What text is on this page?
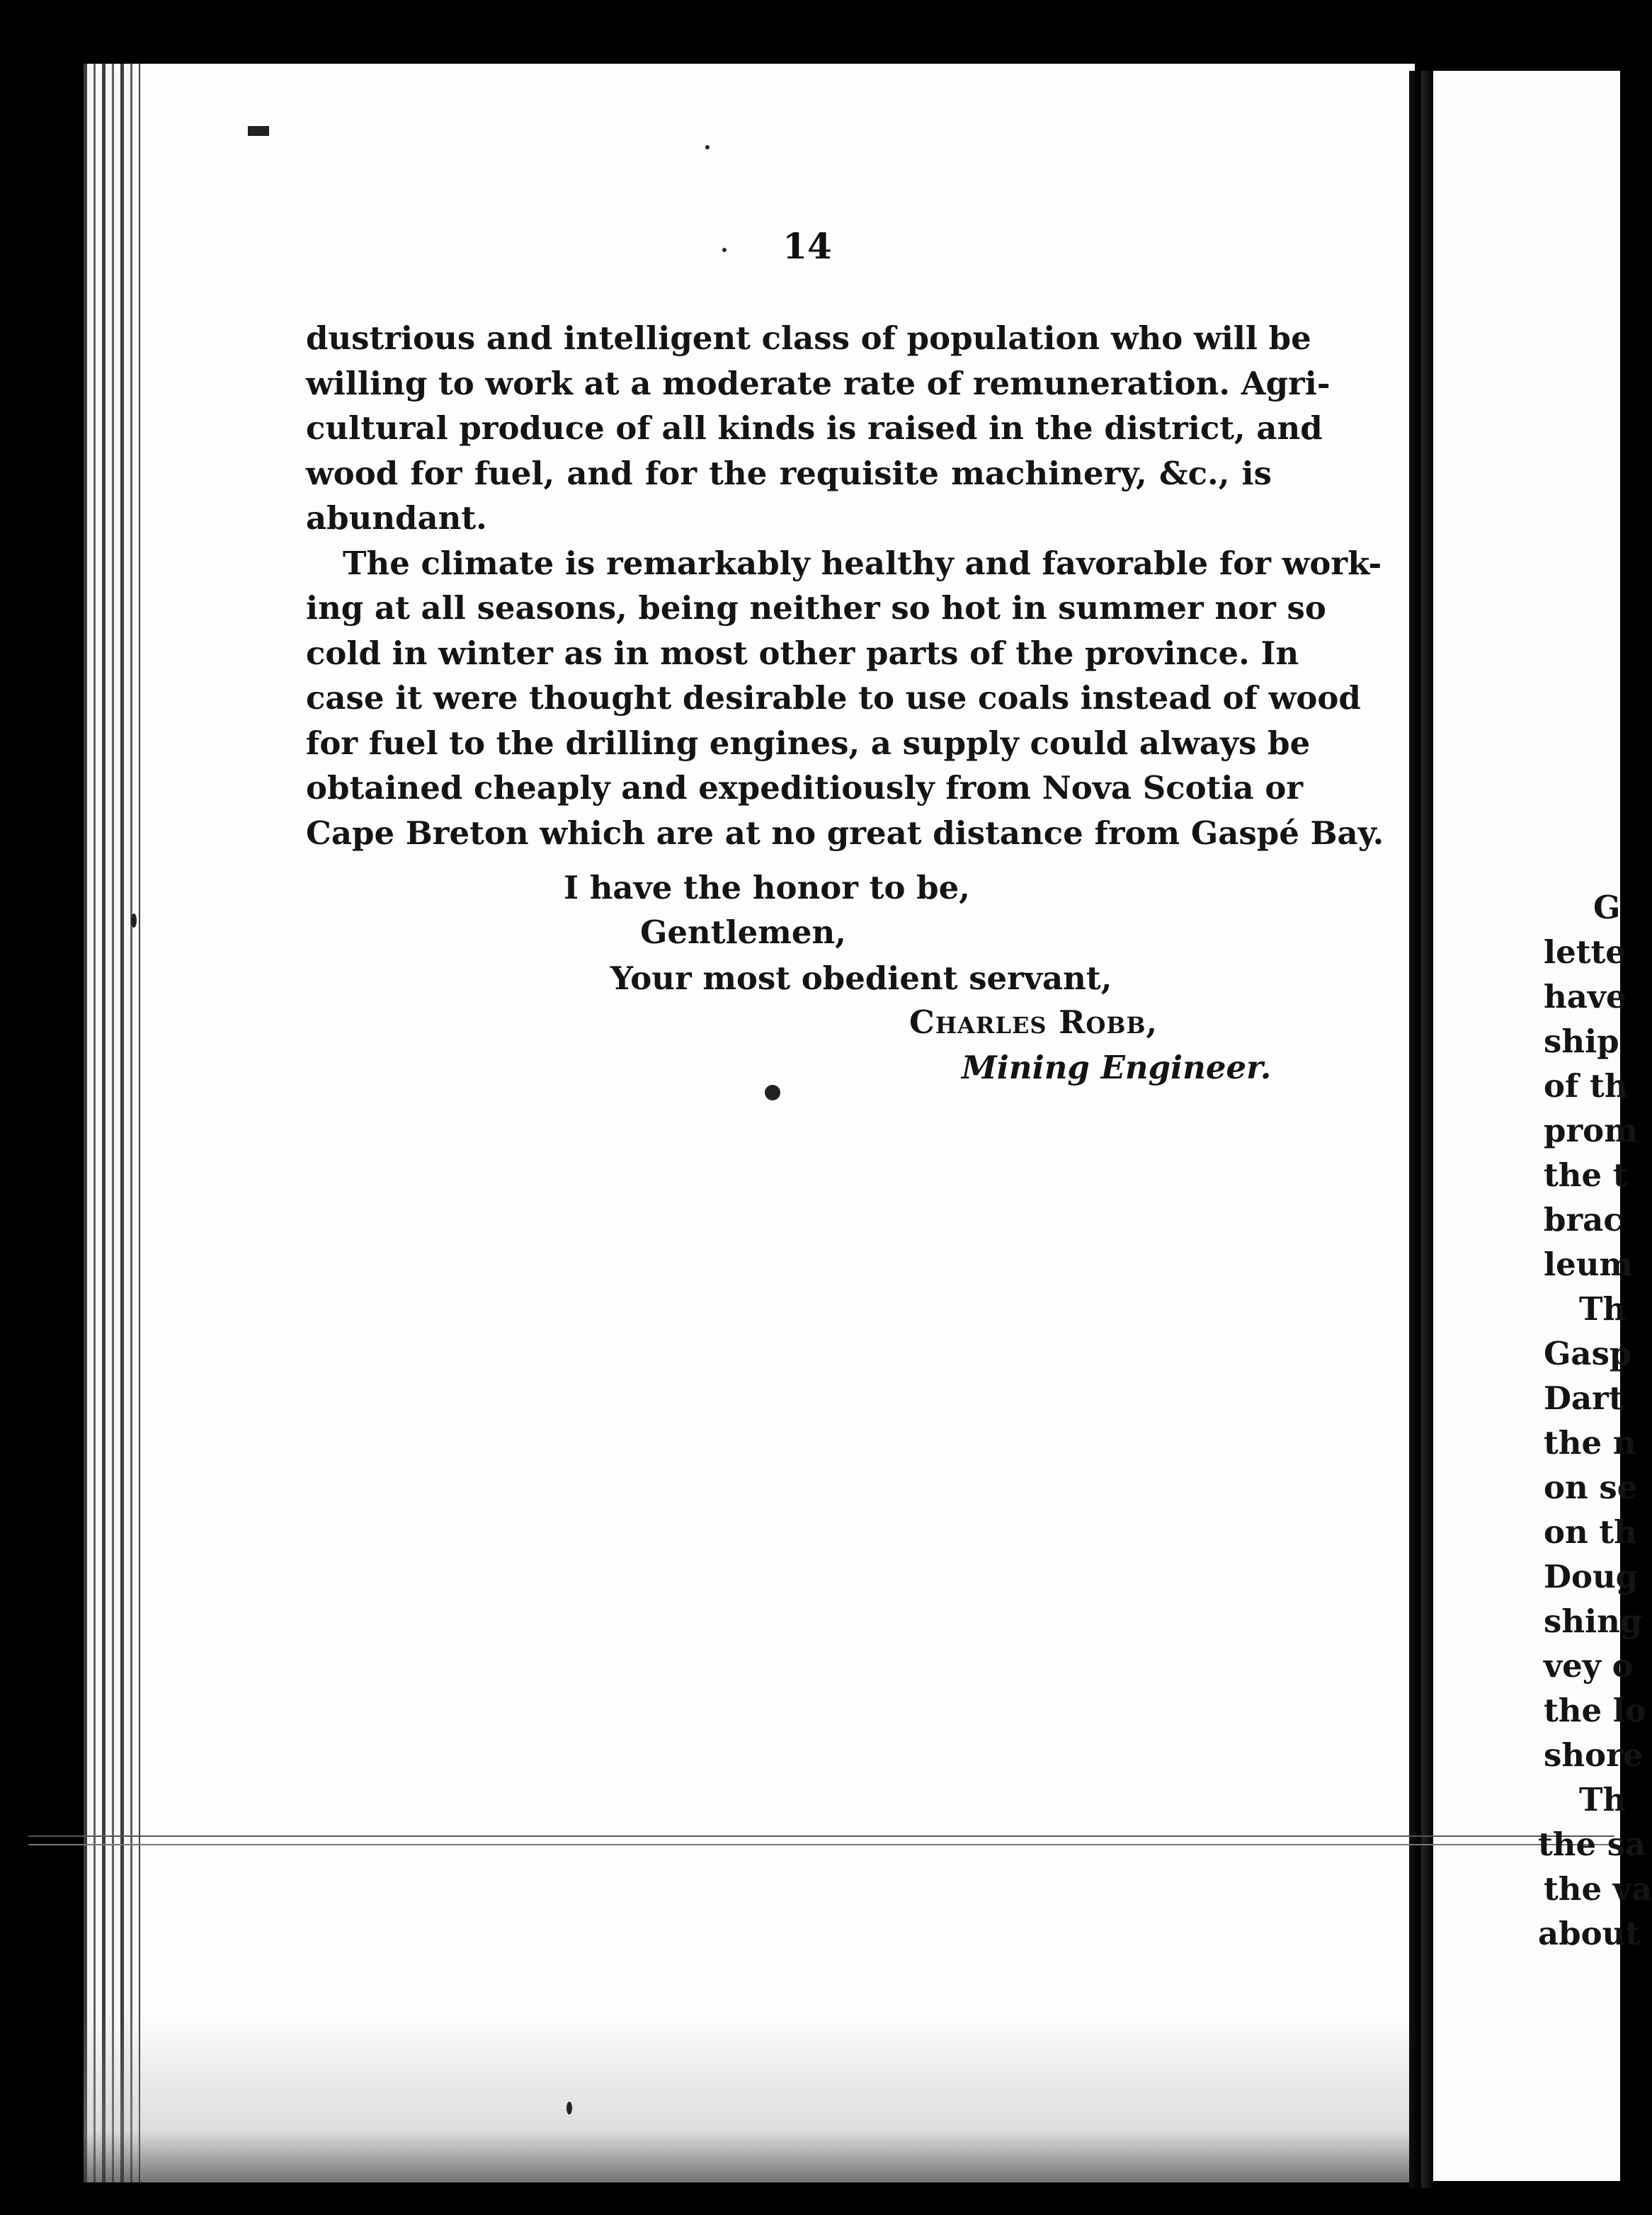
14
dustrious and intelligent class of population who will be
willing to work at a moderate rate of remuneration. Agri-
cultural produce of all kinds is raised in the district, and
wood for fuel, and for the requisite machinery, &c., is
abundant.
The climate is remarkably healthy and favorable for work-
ing at all seasons, being neither so hot in summer nor so
cold in winter as in most other parts of the province. In
case it were thought desirable to use coals instead of wood
for fuel to the drilling engines, a supply could always be
obtained cheaply and expeditiously from Nova Scotia or
Cape Breton which are at no great distance from Gaspé Bay.
I have the honor to be,
Gentlemen,
Your most obedient servant,
Charles Robb,
Mining Engineer.
G
lette
have
ship
of th
prom
the t
brac
leum
Th
Gasp
Dart
the n
on se
on th
Doug
shing
vey o
the lo
shore
Th
the sa
the va
about
